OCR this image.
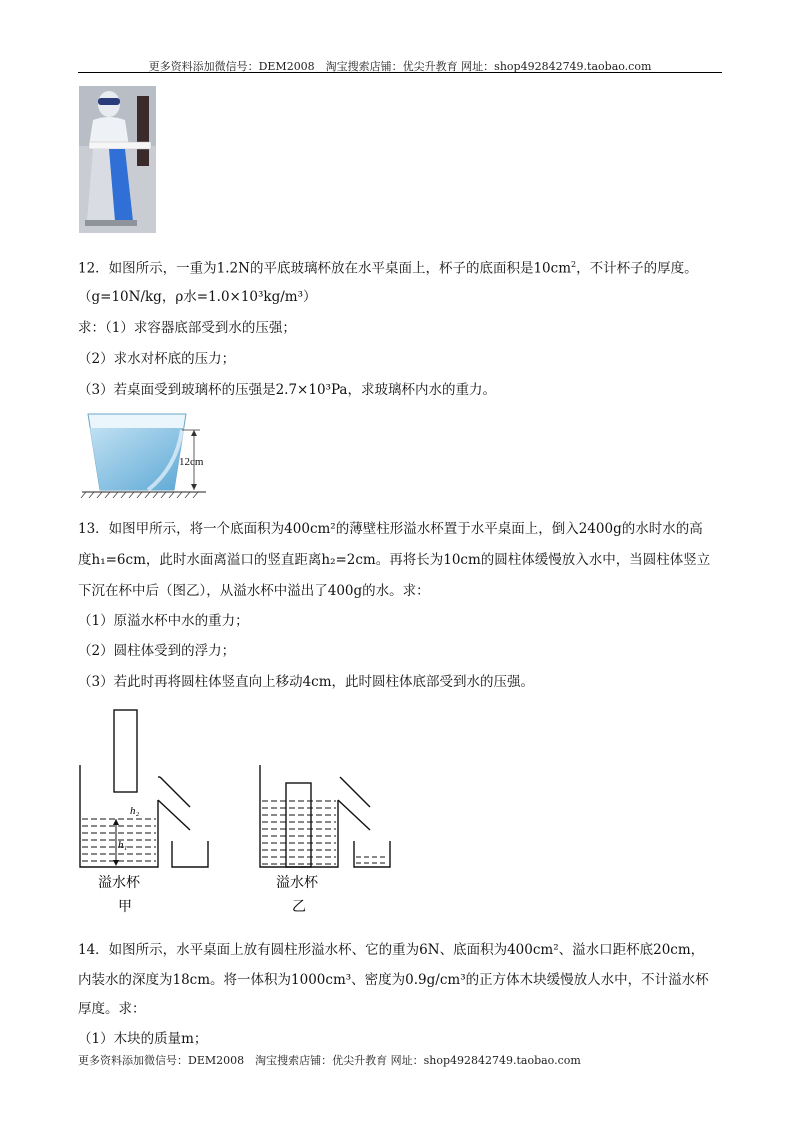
更多资料添加微信号：DEM2008　淘宝搜索店铺：优尖升教育 网址：shop492842749.taobao.com
12．如图所示，一重为1.2N的平底玻璃杯放在水平桌面上，杯子的底面积是$10cm^2$，不计杯子的厚度。
（g=10N/kg，ρ水=1.0×10³kg/m³）
求：（1）求容器底部受到水的压强；
（2）求水对杯底的压力；
（3）若桌面受到玻璃杯的压强是2.7×10³Pa，求玻璃杯内水的重力。
12cm
13．如图甲所示，将一个底面积为400cm²的薄壁柱形溢水杯置于水平桌面上，倒入2400g的水时水的高
度h₁=6cm，此时水面离溢口的竖直距离h₂=2cm。再将长为10cm的圆柱体缓慢放入水中，当圆柱体竖立
下沉在杯中后（图乙），从溢水杯中溢出了400g的水。求：
（1）原溢水杯中水的重力；
（2）圆柱体受到的浮力；
（3）若此时再将圆柱体竖直向上移动4cm，此时圆柱体底部受到水的压强。
h₂
h₁
溢水杯
甲
溢水杯
乙
14．如图所示，水平桌面上放有圆柱形溢水杯、它的重为6N、底面积为400cm²、溢水口距杯底20cm，
内装水的深度为18cm。将一体积为1000cm³、密度为0.9g/cm³的正方体木块缓慢放人水中，不计溢水杯
厚度。求：
（1）木块的质量m；
更多资料添加微信号：DEM2008　淘宝搜索店铺：优尖升教育 网址：shop492842749.taobao.com
